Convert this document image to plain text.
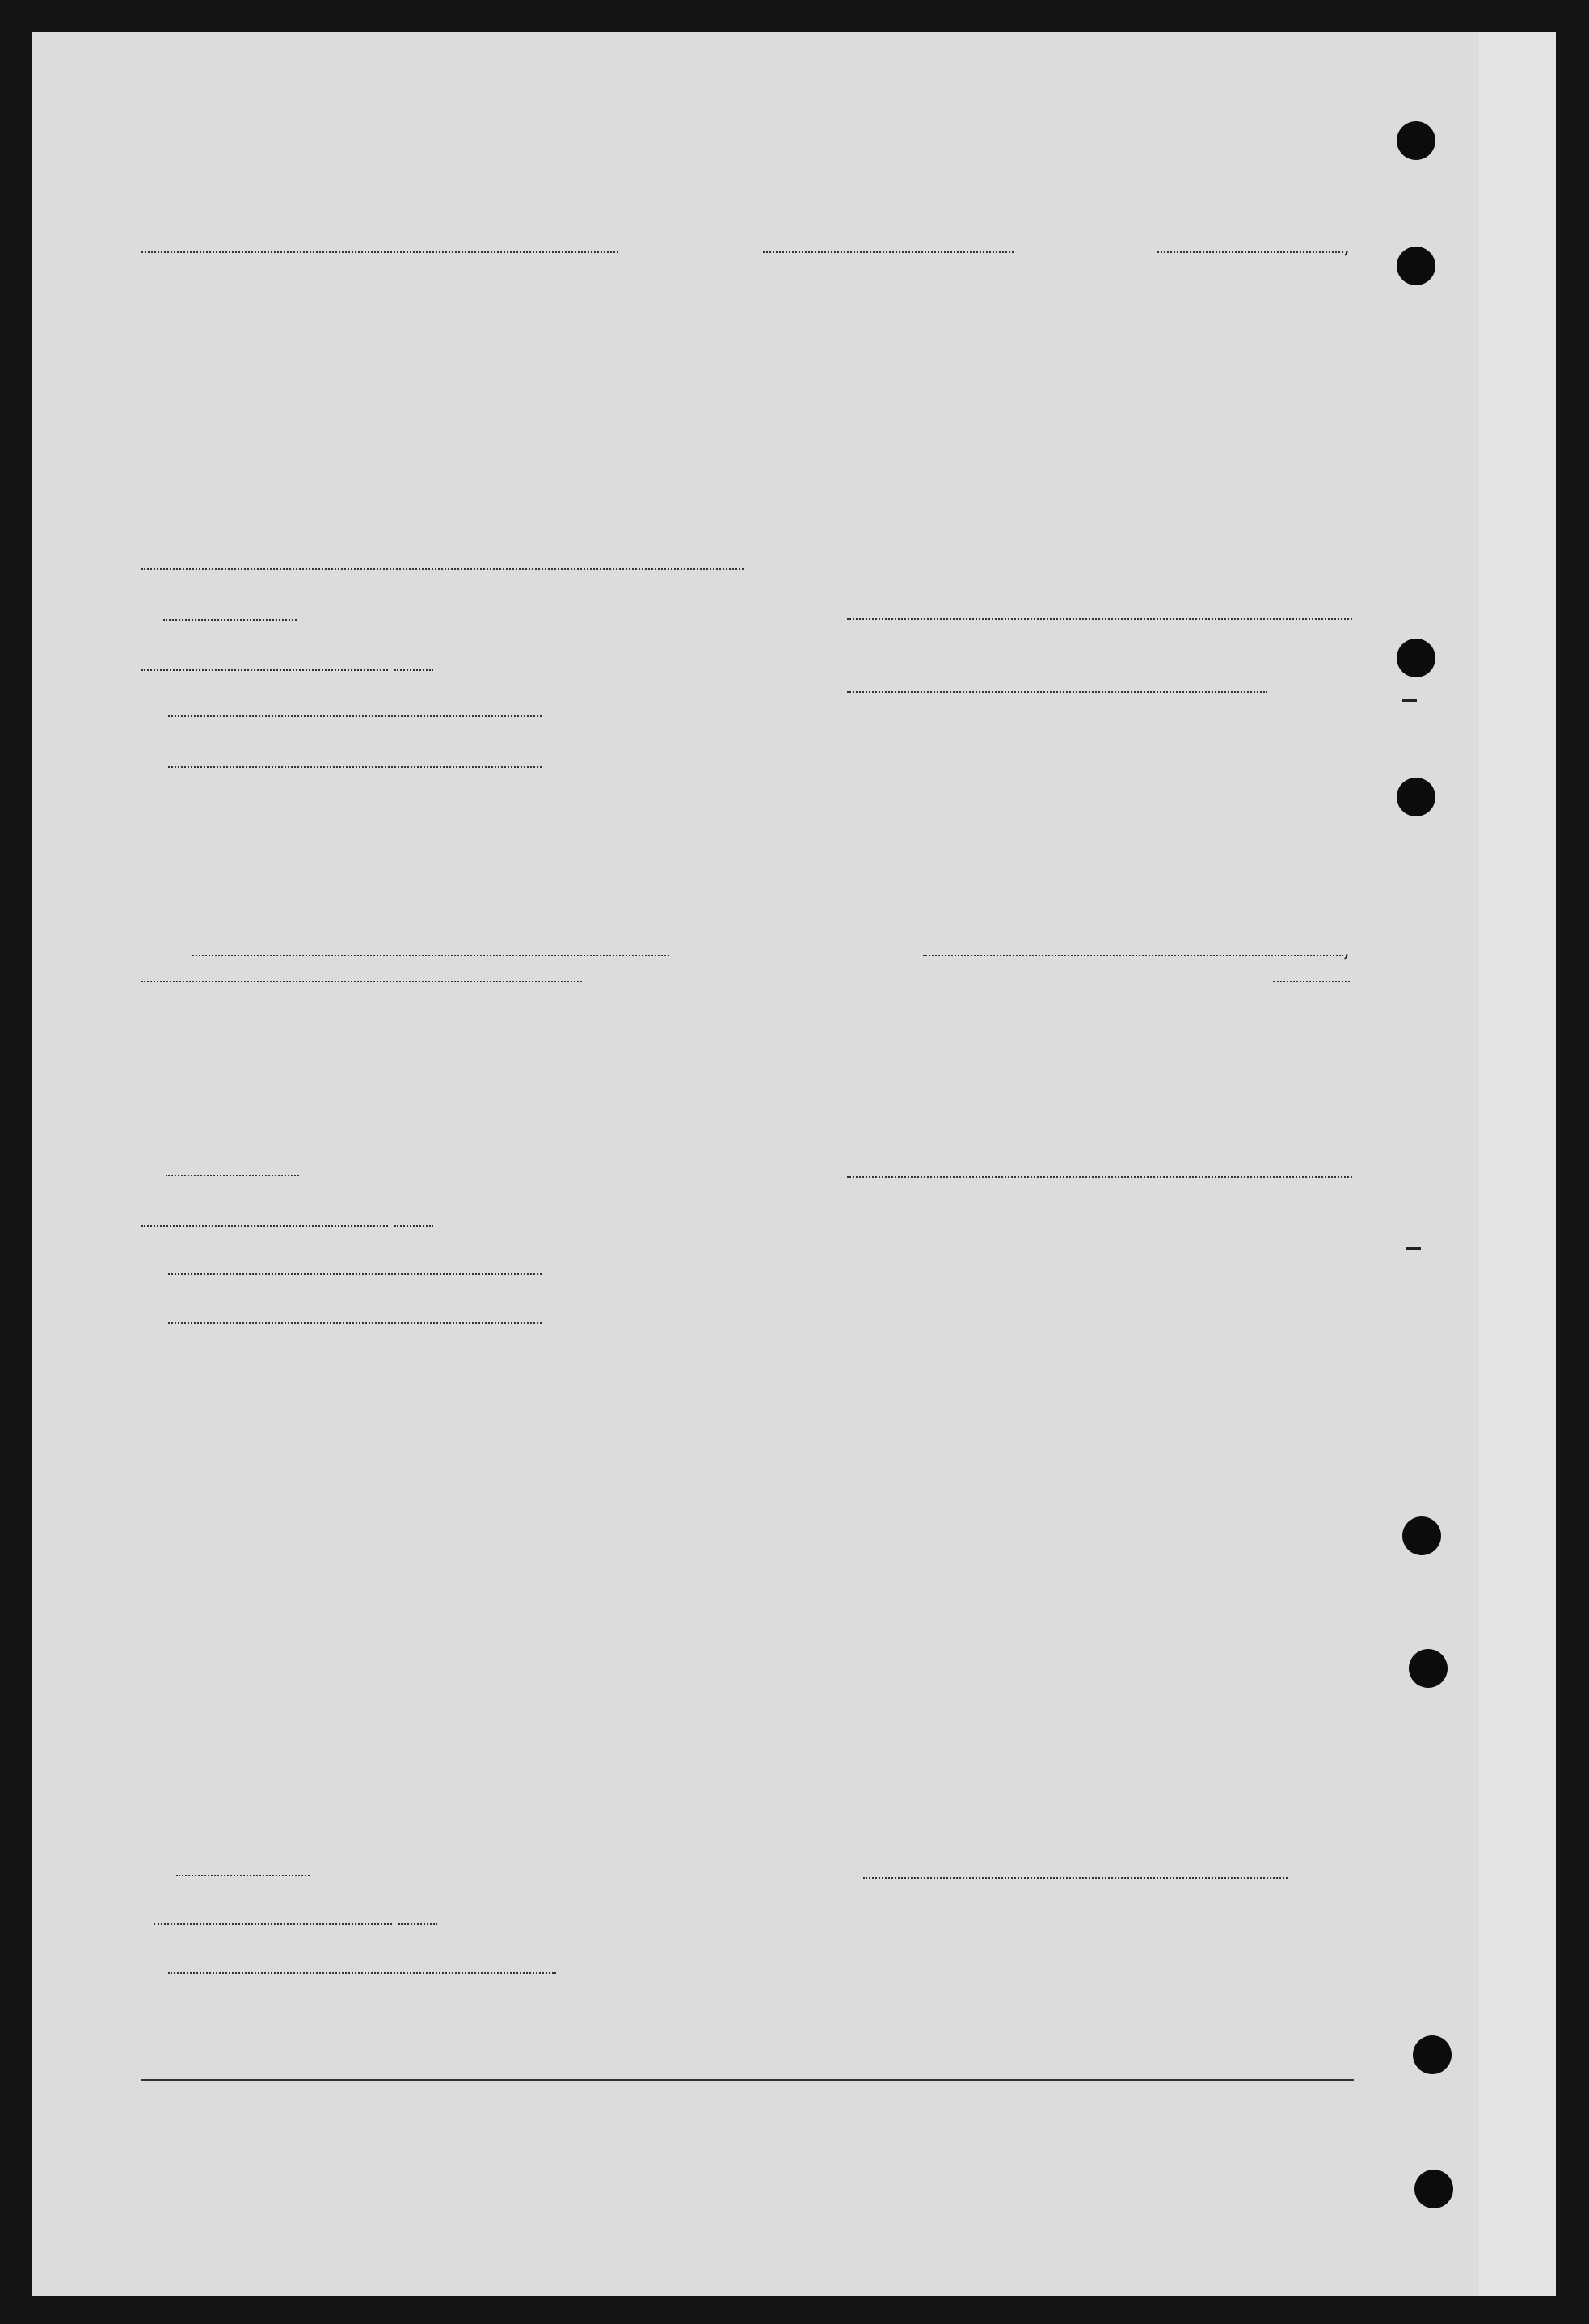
,

,
